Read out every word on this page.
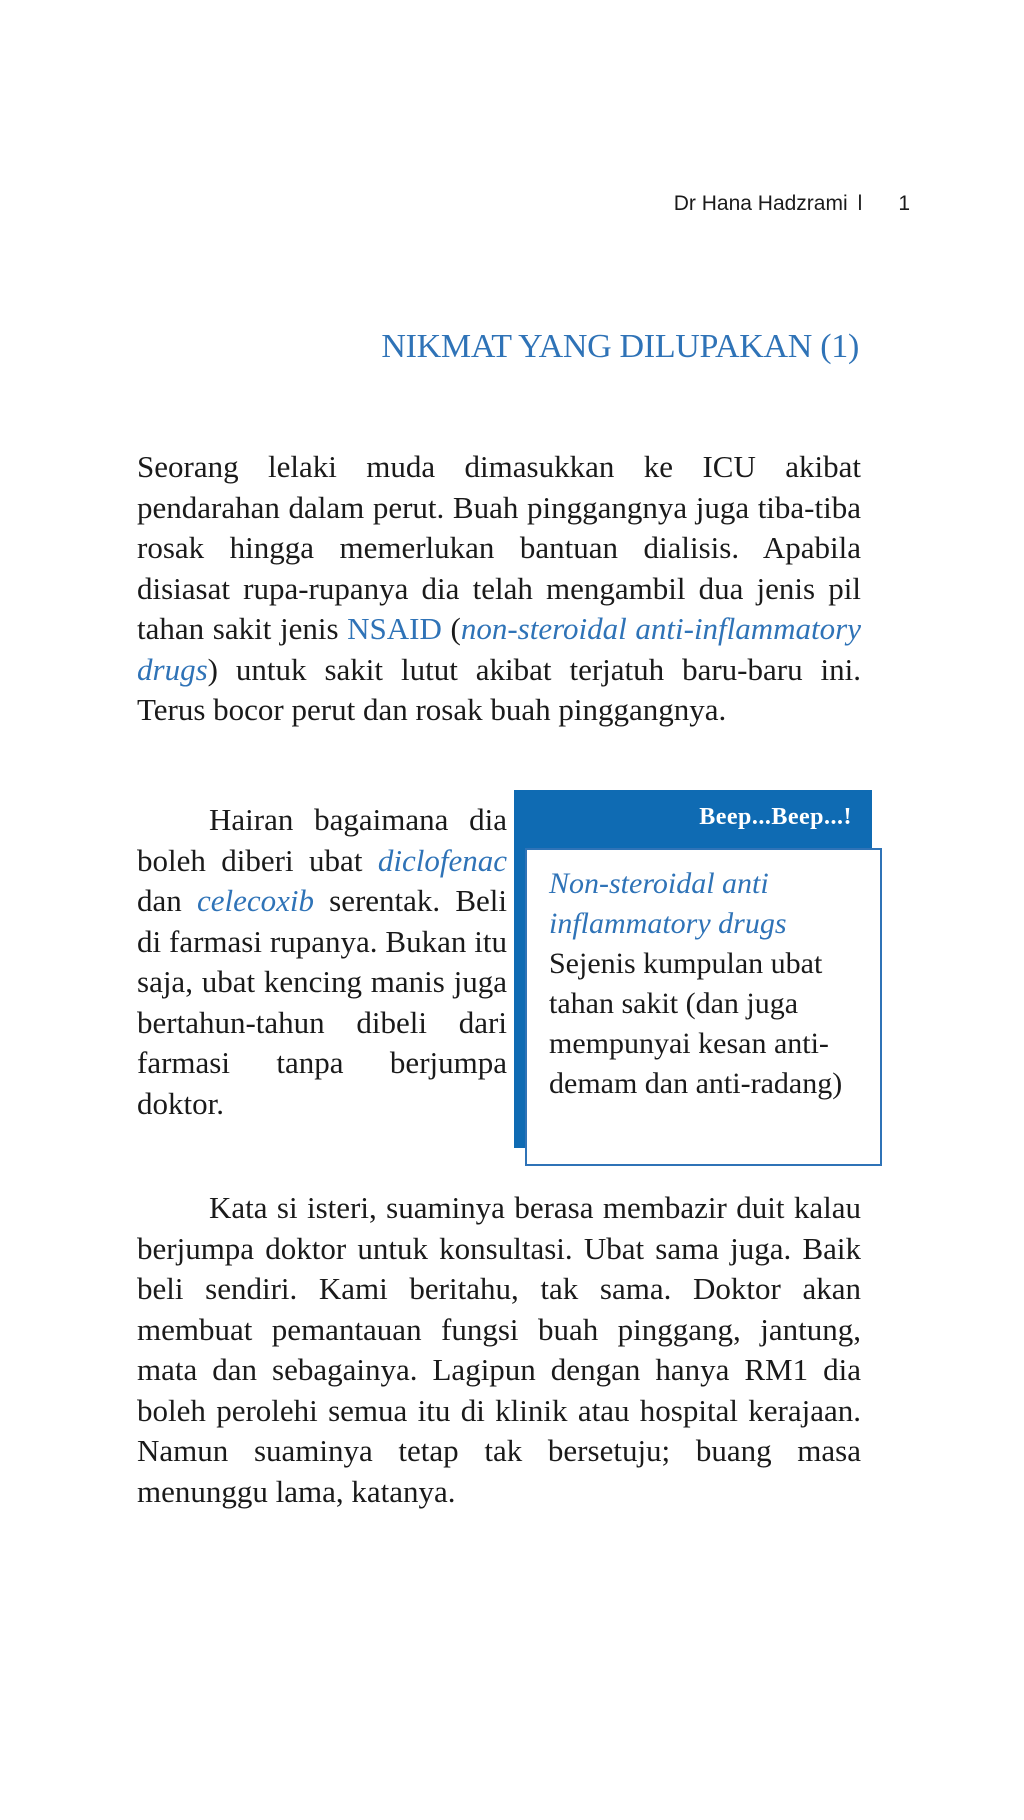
Dr Hana Hadzrami l 1
NIKMAT YANG DILUPAKAN (1)

Seorang lelaki muda dimasukkan ke ICU akibat pendarahan dalam perut. Buah pinggangnya juga tiba-tiba rosak hingga memerlukan bantuan dialisis. Apabila disiasat rupa-rupanya dia telah mengambil dua jenis pil tahan sakit jenis NSAID (non-steroidal anti-inflammatory drugs) untuk sakit lutut akibat terjatuh baru-baru ini. Terus bocor perut dan rosak buah pinggangnya.

Hairan bagaimana dia boleh diberi ubat diclofenac dan celecoxib serentak. Beli di farmasi rupanya. Bukan itu saja, ubat kencing manis juga bertahun-tahun dibeli dari farmasi tanpa berjumpa doktor.

Beep...Beep...!
Non-steroidal anti inflammatory drugs
Sejenis kumpulan ubat tahan sakit (dan juga mempunyai kesan anti-demam dan anti-radang)

Kata si isteri, suaminya berasa membazir duit kalau berjumpa doktor untuk konsultasi. Ubat sama juga. Baik beli sendiri. Kami beritahu, tak sama. Doktor akan membuat pemantauan fungsi buah pinggang, jantung, mata dan sebagainya. Lagipun dengan hanya RM1 dia boleh perolehi semua itu di klinik atau hospital kerajaan. Namun suaminya tetap tak bersetuju; buang masa menunggu lama, katanya.
